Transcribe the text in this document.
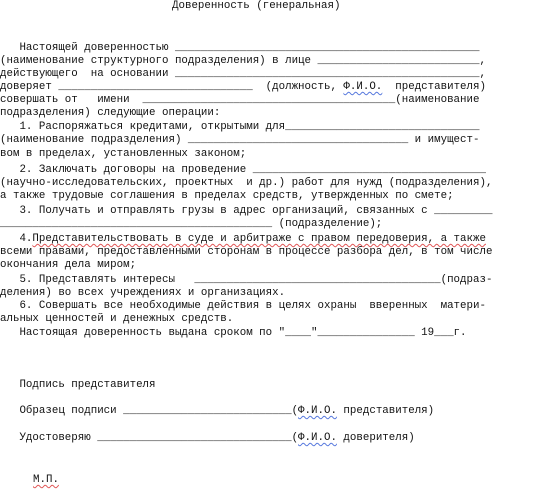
Доверенность (генеральная)
Настоящей доверенностью _______________________________________________
(наименование структурного подразделения) в лице _________________________,
действующего  на основании _______________________________________________,
доверяет ______________________________  (должность, Ф.И.О.  представителя)
совершать от   имени  _______________________________________(наименование
подразделения) следующие операции:
1. Распоряжаться кредитами, открытыми для______________________________
(наименование подразделения) __________________________________ и имущест-
вом в пределах, установленных законом;
2. Заключать договоры на проведение ____________________________________
(научно-исследовательских, проектных  и др.) работ для нужд (подразделения),
а также трудовые соглашения в пределах средств, утвержденных по смете;
3. Получать и отправлять грузы в адрес организаций, связанных с _________
__________________________________________ (подразделение);
4.Представительствовать в суде и арбитраже с правом передоверия, а также
всеми правами, предоставленными сторонам в процессе разбора дел, в том числе
окончания дела миром;
5. Представлять интересы   ______________________________________(подраз-
деления) во всех учреждениях и организациях.
6. Совершать все необходимые действия в целях охраны  вверенных  матери-
альных ценностей и денежных средств.
Настоящая доверенность выдана сроком по "____"_______________ 19___г.
Подпись представителя
Образец подписи __________________________(Ф.И.О. представителя)
Удостоверяю ______________________________(Ф.И.О. доверителя)
М.П.
